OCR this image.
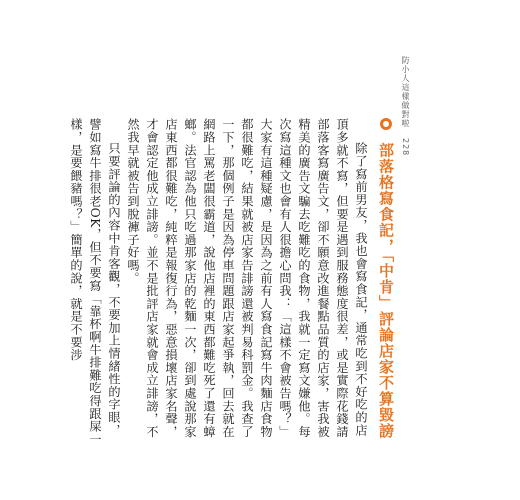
防小人這樣做對啦 228
部落格寫食記，「中肯」評論店家不算毀謗

除了寫前男友，我也會寫食記，通常吃到不好吃的店頂多就不寫，但要是遇到服務態度很差，或是實際花錢請部落客寫廣告文，卻不願意改進餐點品質的店家，害我被精美的廣告文騙去吃難吃的食物，我就一定寫文嫌他。每次寫這種文也會有人很擔心問我：「這樣不會被告嗎？」大家有這種疑慮，是因為之前有人寫食記寫牛肉麵店食物都很難吃，結果就被店家告誹謗還被判易科罰金。我查了一下，那個例子是因為停車問題跟店家起爭執，回去就在網路上罵老闆很霸道，說他店裡的東西都難吃死了還有蟑螂。法官認為他只吃過那家店的乾麵一次，卻到處說那家店東西都很難吃，純粹是報復行為，惡意損壞店家名聲，才會認定他成立誹謗。並不是批評店家就會成立誹謗，不然我早就被告到脫褲子好嗎。

只要評論的內容中肯客觀，不要加上情緒性的字眼，譬如寫牛排很老OK，但不要寫「靠杯啊牛排難吃得跟屎一樣，是要餵豬嗎？」簡單的說，就是不要涉
